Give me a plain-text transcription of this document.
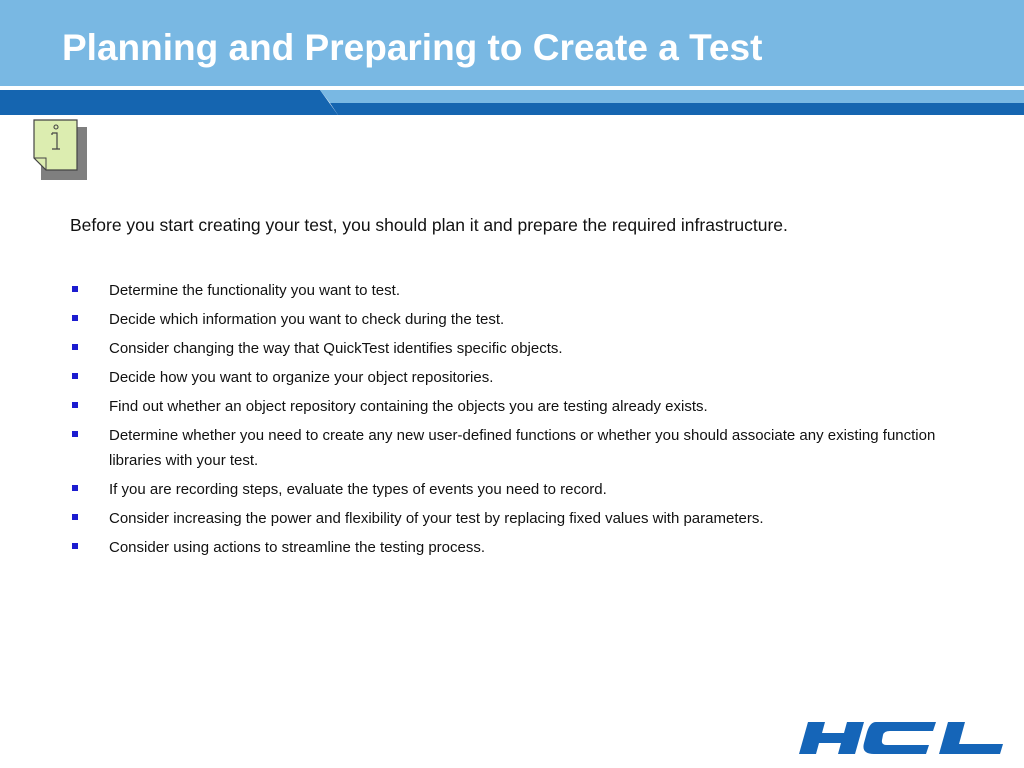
Planning and Preparing to Create a Test

Before you start creating your test, you should plan it and prepare the required infrastructure.

Determine the functionality you want to test.
Decide which information you want to check during the test.
Consider changing the way that QuickTest identifies specific objects.
Decide how you want to organize your object repositories.
Find out whether an object repository containing the objects you are testing already exists.
Determine whether you need to create any new user-defined functions or whether you should associate any existing function libraries with your test.
If you are recording steps, evaluate the types of events you need to record.
Consider increasing the power and flexibility of your test by replacing fixed values with parameters.
Consider using actions to streamline the testing process.
